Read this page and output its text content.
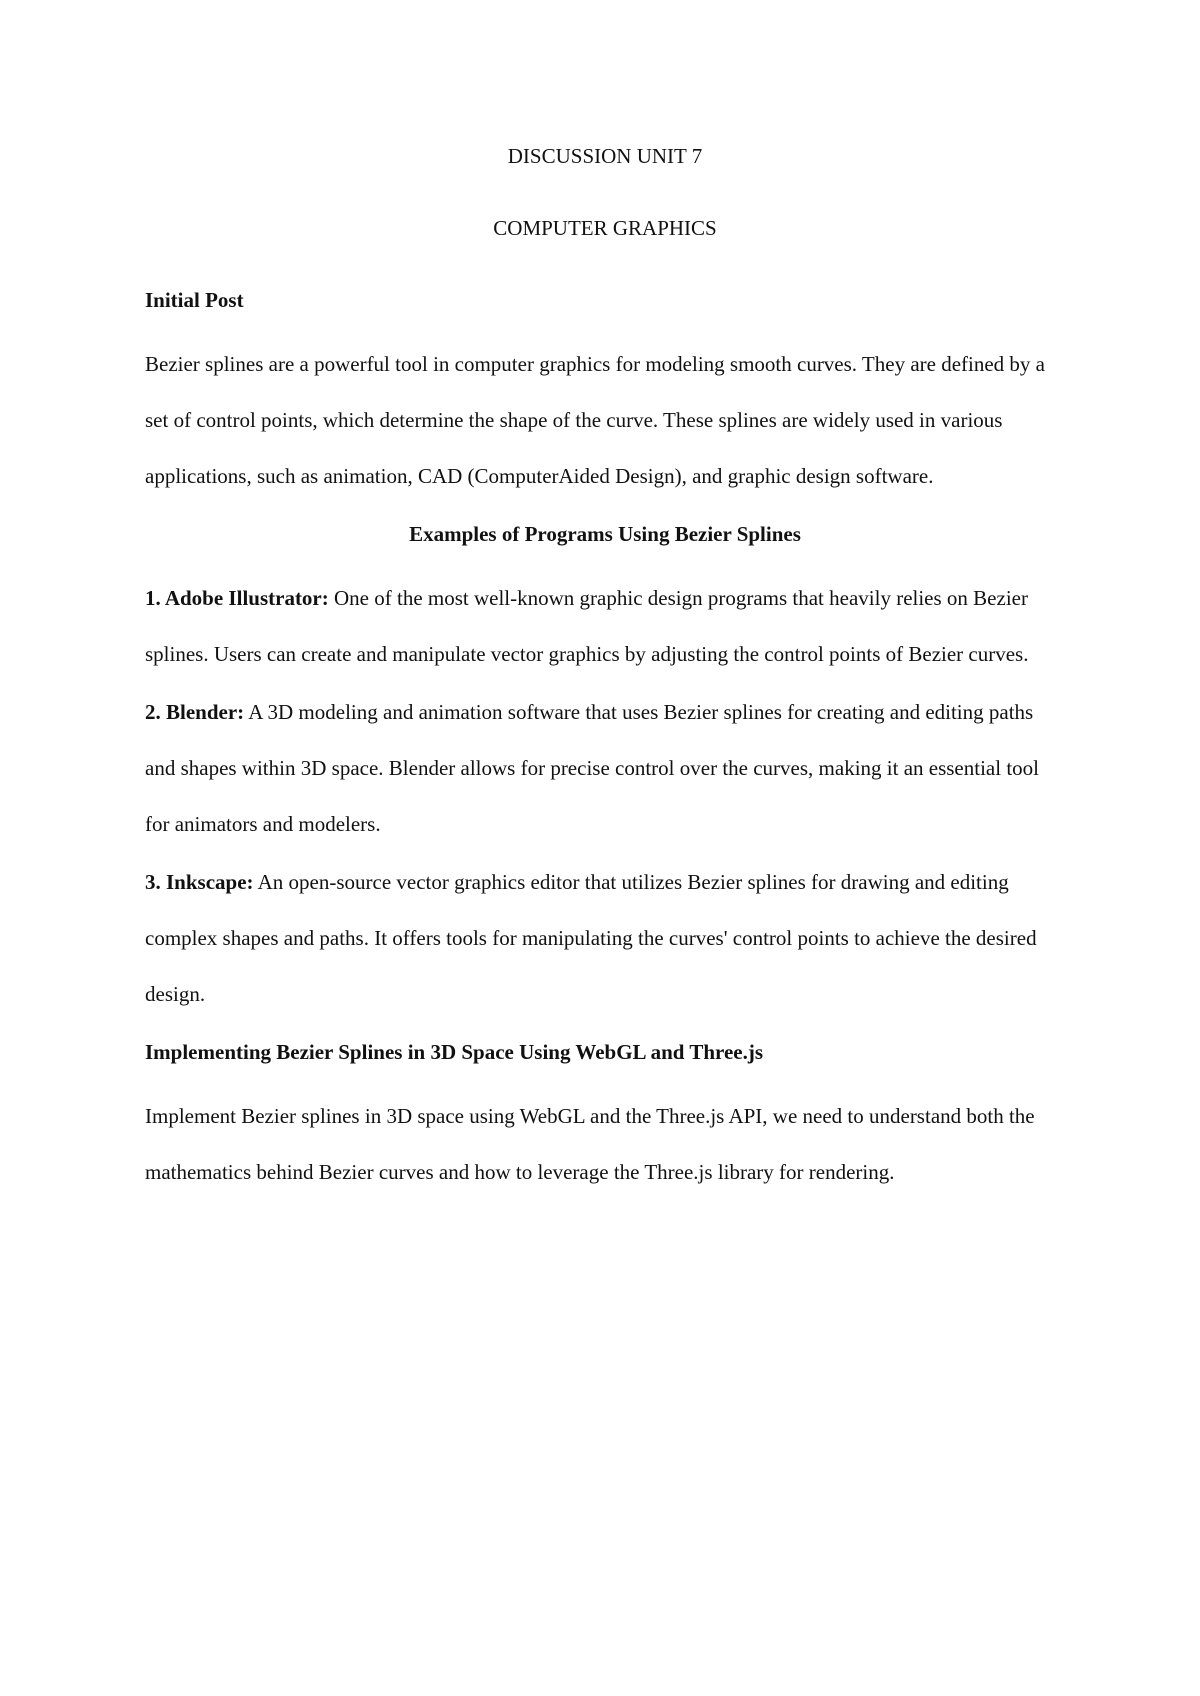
DISCUSSION UNIT 7
COMPUTER GRAPHICS
Initial Post

Bezier splines are a powerful tool in computer graphics for modeling smooth curves. They are defined by a set of control points, which determine the shape of the curve. These splines are widely used in various applications, such as animation, CAD (ComputerAided Design), and graphic design software.

Examples of Programs Using Bezier Splines

1. Adobe Illustrator: One of the most well-known graphic design programs that heavily relies on Bezier splines. Users can create and manipulate vector graphics by adjusting the control points of Bezier curves.

2. Blender: A 3D modeling and animation software that uses Bezier splines for creating and editing paths and shapes within 3D space. Blender allows for precise control over the curves, making it an essential tool for animators and modelers.

3. Inkscape: An open-source vector graphics editor that utilizes Bezier splines for drawing and editing complex shapes and paths. It offers tools for manipulating the curves' control points to achieve the desired design.

Implementing Bezier Splines in 3D Space Using WebGL and Three.js

Implement Bezier splines in 3D space using WebGL and the Three.js API, we need to understand both the mathematics behind Bezier curves and how to leverage the Three.js library for rendering.
